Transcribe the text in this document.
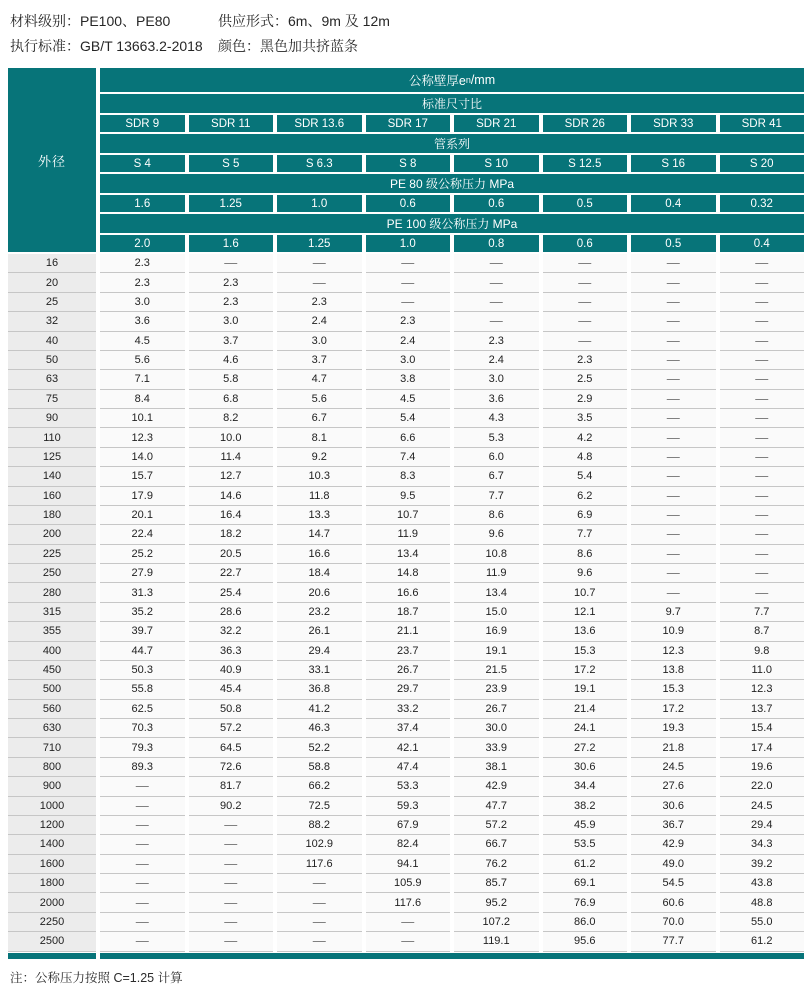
材料级别：PE100、PE80	供应形式：6m、9m 及 12m
执行标准：GB/T 13663.2-2018	颜色：黑色加共挤蓝条
外径
公称壁厚e n /mm
标准尺寸比
SDR 9	SDR 11	SDR 13.6	SDR 17	SDR 21	SDR 26	SDR 33	SDR 41
管系列
S 4	S 5	S 6.3	S 8	S 10	S 12.5	S 16	S 20
PE 80 级公称压力 MPa
1.6	1.25	1.0	0.6	0.6	0.5	0.4	0.32
PE 100 级公称压力 MPa
2.0	1.6	1.25	1.0	0.8	0.6	0.5	0.4
16	2.3	—	—	—	—	—	—	—
20	2.3	2.3	—	—	—	—	—	—
25	3.0	2.3	2.3	—	—	—	—	—
32	3.6	3.0	2.4	2.3	—	—	—	—
40	4.5	3.7	3.0	2.4	2.3	—	—	—
50	5.6	4.6	3.7	3.0	2.4	2.3	—	—
63	7.1	5.8	4.7	3.8	3.0	2.5	—	—
75	8.4	6.8	5.6	4.5	3.6	2.9	—	—
90	10.1	8.2	6.7	5.4	4.3	3.5	—	—
110	12.3	10.0	8.1	6.6	5.3	4.2	—	—
125	14.0	11.4	9.2	7.4	6.0	4.8	—	—
140	15.7	12.7	10.3	8.3	6.7	5.4	—	—
160	17.9	14.6	11.8	9.5	7.7	6.2	—	—
180	20.1	16.4	13.3	10.7	8.6	6.9	—	—
200	22.4	18.2	14.7	11.9	9.6	7.7	—	—
225	25.2	20.5	16.6	13.4	10.8	8.6	—	—
250	27.9	22.7	18.4	14.8	11.9	9.6	—	—
280	31.3	25.4	20.6	16.6	13.4	10.7	—	—
315	35.2	28.6	23.2	18.7	15.0	12.1	9.7	7.7
355	39.7	32.2	26.1	21.1	16.9	13.6	10.9	8.7
400	44.7	36.3	29.4	23.7	19.1	15.3	12.3	9.8
450	50.3	40.9	33.1	26.7	21.5	17.2	13.8	11.0
500	55.8	45.4	36.8	29.7	23.9	19.1	15.3	12.3
560	62.5	50.8	41.2	33.2	26.7	21.4	17.2	13.7
630	70.3	57.2	46.3	37.4	30.0	24.1	19.3	15.4
710	79.3	64.5	52.2	42.1	33.9	27.2	21.8	17.4
800	89.3	72.6	58.8	47.4	38.1	30.6	24.5	19.6
900	—	81.7	66.2	53.3	42.9	34.4	27.6	22.0
1000	—	90.2	72.5	59.3	47.7	38.2	30.6	24.5
1200	—	—	88.2	67.9	57.2	45.9	36.7	29.4
1400	—	—	102.9	82.4	66.7	53.5	42.9	34.3
1600	—	—	117.6	94.1	76.2	61.2	49.0	39.2
1800	—	—	—	105.9	85.7	69.1	54.5	43.8
2000	—	—	—	117.6	95.2	76.9	60.6	48.8
2250	—	—	—	—	107.2	86.0	70.0	55.0
2500	—	—	—	—	119.1	95.6	77.7	61.2
注：公称压力按照 C=1.25 计算
